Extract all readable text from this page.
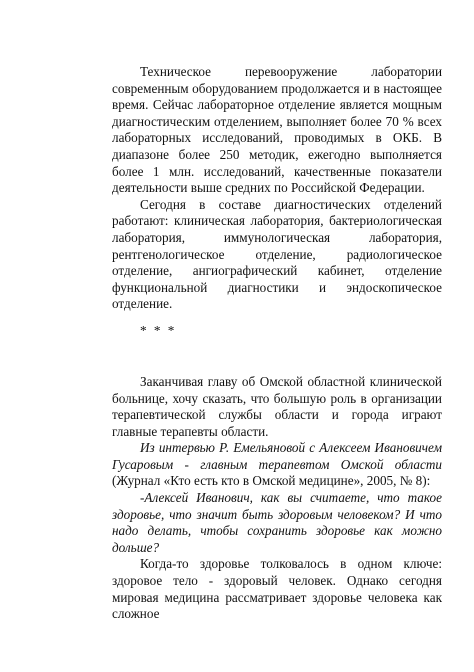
Техническое перевооружение лаборатории современным оборудованием продолжается и в настоящее время. Сейчас лабораторное отделение является мощным диагностическим отделением, выполняет более 70 % всех лабораторных исследований, проводимых в ОКБ. В диапазоне более 250 методик, ежегодно выполняется более 1 млн. исследований, качественные показатели деятельности выше средних по Российской Федерации.

Сегодня в составе диагностических отделений работают: клиническая лаборатория, бактериологическая лаборатория, иммунологическая лаборатория, рентгенологическое отделение, радиологическое отделение, ангиографический кабинет, отделение функциональной диагностики и эндоскопическое отделение.

* * *

Заканчивая главу об Омской областной клинической больнице, хочу сказать, что большую роль в организации терапевтической службы области и города играют главные терапевты области.

Из интервью Р. Емельяновой с Алексеем Ивановичем Гусаровым - главным терапевтом Омской области (Журнал «Кто есть кто в Омской медицине», 2005, № 8):

-Алексей Иванович, как вы считаете, что такое здоровье, что значит быть здоровым человеком? И что надо делать, чтобы сохранить здоровье как можно дольше?

Когда-то здоровье толковалось в одном ключе: здоровое тело - здоровый человек. Однако сегодня мировая медицина рассматривает здоровье человека как сложное
